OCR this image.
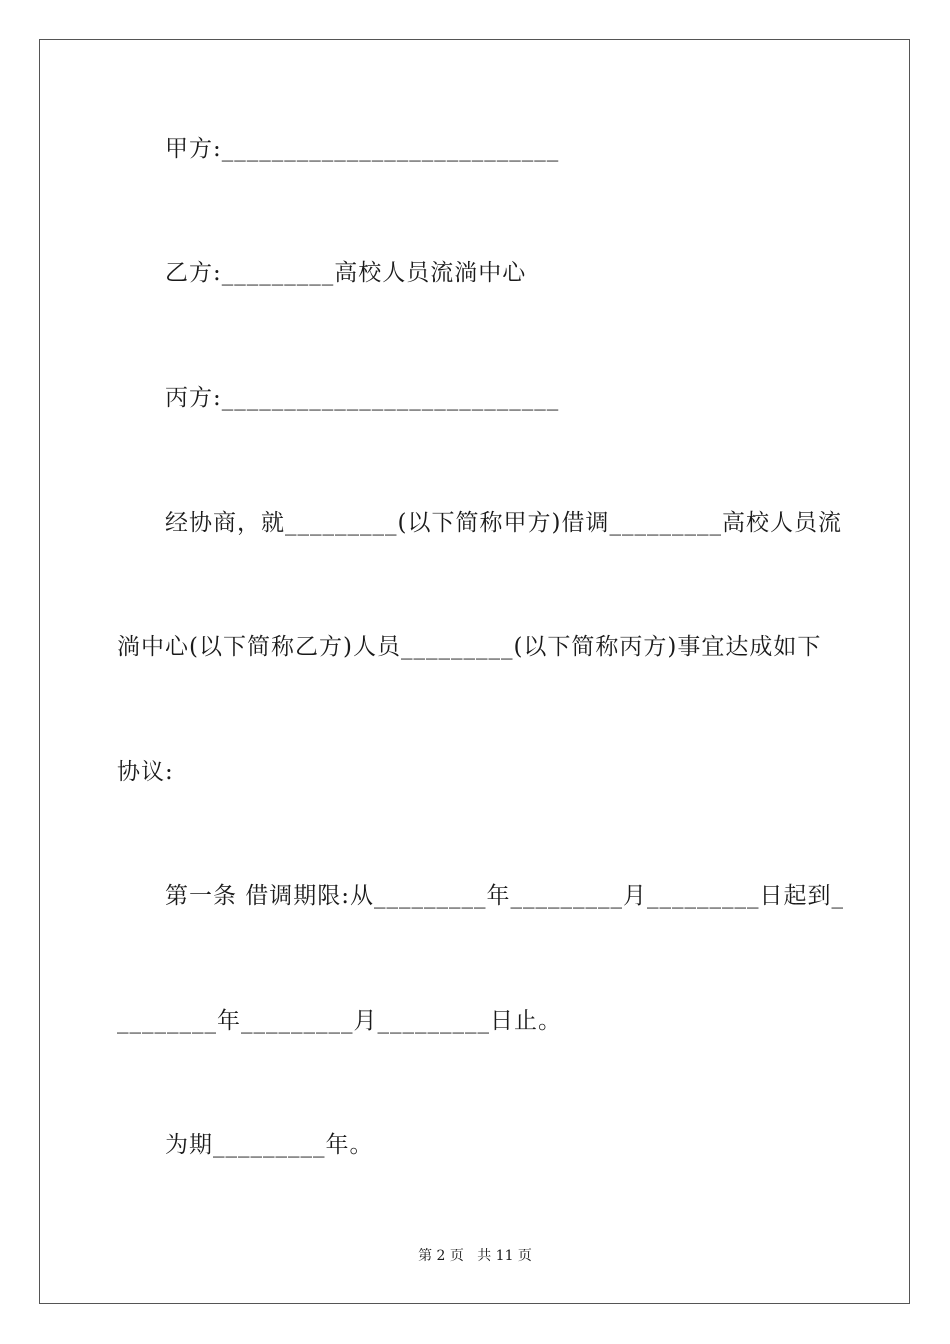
甲方:___________________________
乙方:_________高校人员流淌中心
丙方:___________________________
经协商，就_________(以下简称甲方)借调_________高校人员流
淌中心(以下简称乙方)人员_________(以下简称丙方)事宜达成如下
协议:
第一条 借调期限:从_________年_________月_________日起到_
________年_________月_________日止。
为期_________年。
第 2 页   共 11 页
